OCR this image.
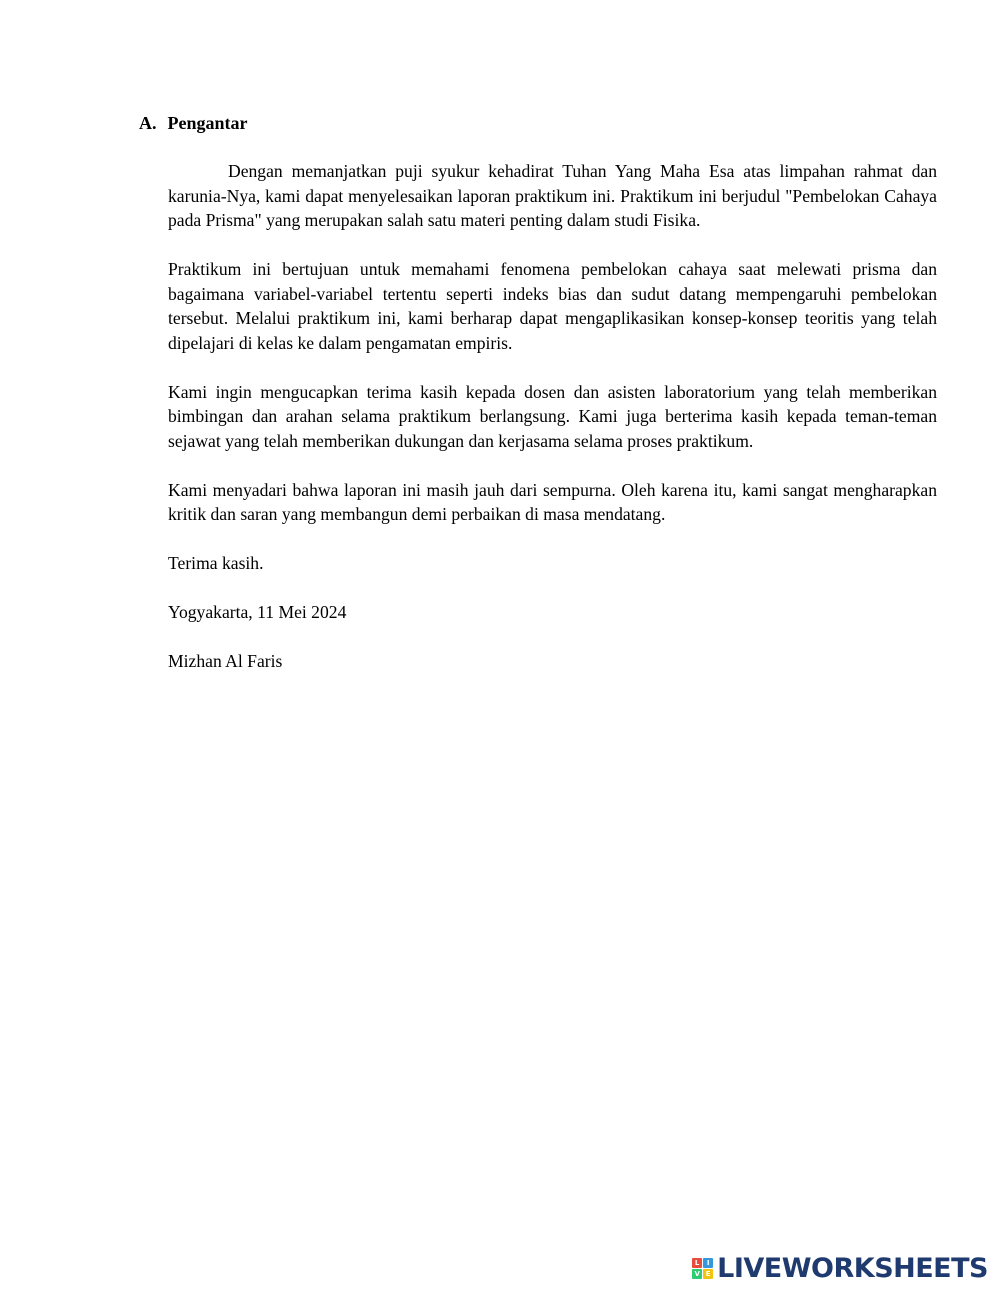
A. Pengantar

Dengan memanjatkan puji syukur kehadirat Tuhan Yang Maha Esa atas limpahan rahmat dan karunia-Nya, kami dapat menyelesaikan laporan praktikum ini. Praktikum ini berjudul "Pembelokan Cahaya pada Prisma" yang merupakan salah satu materi penting dalam studi Fisika.

Praktikum ini bertujuan untuk memahami fenomena pembelokan cahaya saat melewati prisma dan bagaimana variabel-variabel tertentu seperti indeks bias dan sudut datang mempengaruhi pembelokan tersebut. Melalui praktikum ini, kami berharap dapat mengaplikasikan konsep-konsep teoritis yang telah dipelajari di kelas ke dalam pengamatan empiris.

Kami ingin mengucapkan terima kasih kepada dosen dan asisten laboratorium yang telah memberikan bimbingan dan arahan selama praktikum berlangsung. Kami juga berterima kasih kepada teman-teman sejawat yang telah memberikan dukungan dan kerjasama selama proses praktikum.

Kami menyadari bahwa laporan ini masih jauh dari sempurna. Oleh karena itu, kami sangat mengharapkan kritik dan saran yang membangun demi perbaikan di masa mendatang.

Terima kasih.

Yogyakarta, 11 Mei 2024

Mizhan Al Faris

L	I
V E LIVEWORKSHEETS
